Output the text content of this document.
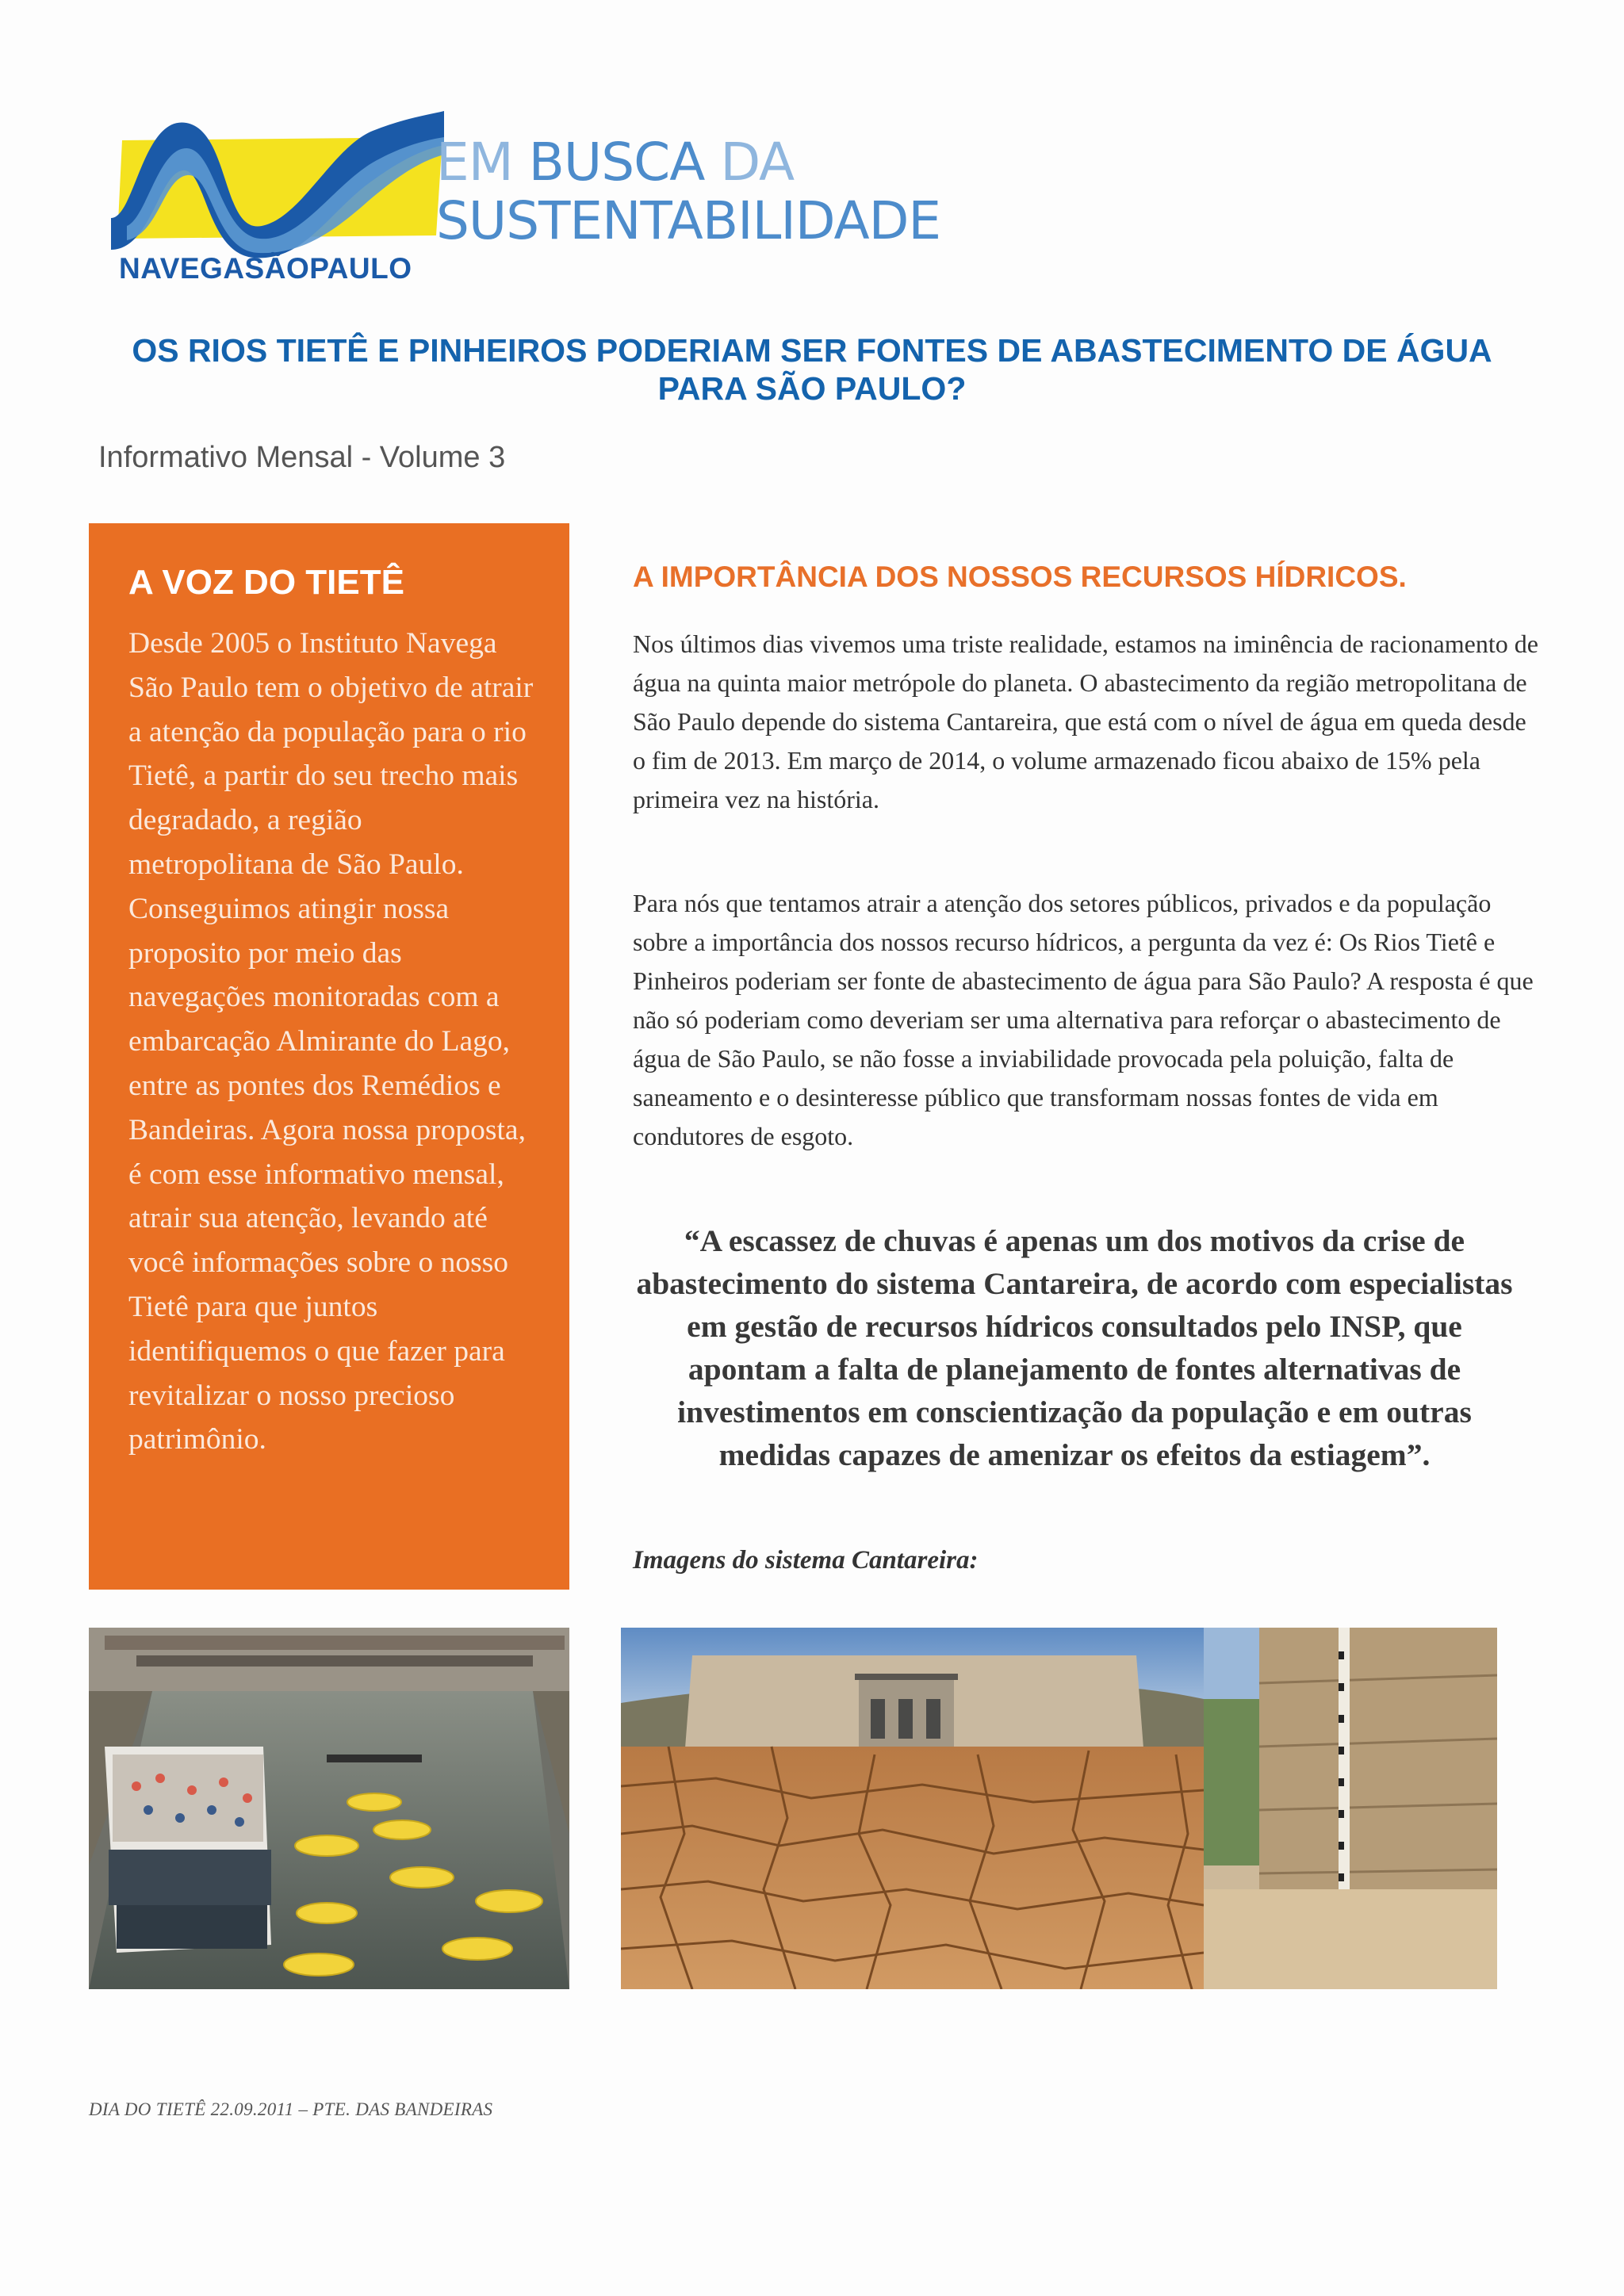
NAVEGASÃOPAULO
EM BUSCA DA
SUSTENTABILIDADE
OS RIOS TIETÊ E PINHEIROS PODERIAM SER FONTES DE ABASTECIMENTO DE ÁGUA PARA SÃO PAULO?
Informativo Mensal - Volume 3
A VOZ DO TIETÊ

Desde 2005 o Instituto Navega São Paulo tem o objetivo de atrair a atenção da população para o rio Tietê, a partir do seu trecho mais degradado, a região metropolitana de São Paulo. Conseguimos atingir nossa proposito por meio das navegações monitoradas com a embarcação Almirante do Lago, entre as pontes dos Remédios e Bandeiras. Agora nossa proposta, é com esse informativo mensal, atrair sua atenção, levando até você informações sobre o nosso Tietê para que juntos identifiquemos o que fazer para revitalizar o nosso precioso patrimônio.

A IMPORTÂNCIA DOS NOSSOS RECURSOS HÍDRICOS.

Nos últimos dias vivemos uma triste realidade, estamos na iminência de racionamento de água na quinta maior metrópole do planeta. O abastecimento da região metropolitana de São Paulo depende do sistema Cantareira, que está com o nível de água em queda desde o fim de 2013. Em março de 2014, o volume armazenado ficou abaixo de 15% pela primeira vez na história.

Para nós que tentamos atrair a atenção dos setores públicos, privados e da população sobre a importância dos nossos recurso hídricos, a pergunta da vez é: Os Rios Tietê e Pinheiros poderiam ser fonte de abastecimento de água para São Paulo? A resposta é que não só poderiam como deveriam ser uma alternativa para reforçar o abastecimento de água de São Paulo, se não fosse a inviabilidade provocada pela poluição, falta de saneamento e o desinteresse público que transformam nossas fontes de vida em condutores de esgoto.

“A escassez de chuvas é apenas um dos motivos da crise de abastecimento do sistema Cantareira, de acordo com especialistas em gestão de recursos hídricos consultados pelo INSP, que apontam a falta de planejamento de fontes alternativas de investimentos em conscientização da população e em outras medidas capazes de amenizar os efeitos da estiagem”.
Imagens do sistema Cantareira:
DIA DO TIETÊ 22.09.2011 – PTE. DAS BANDEIRAS
